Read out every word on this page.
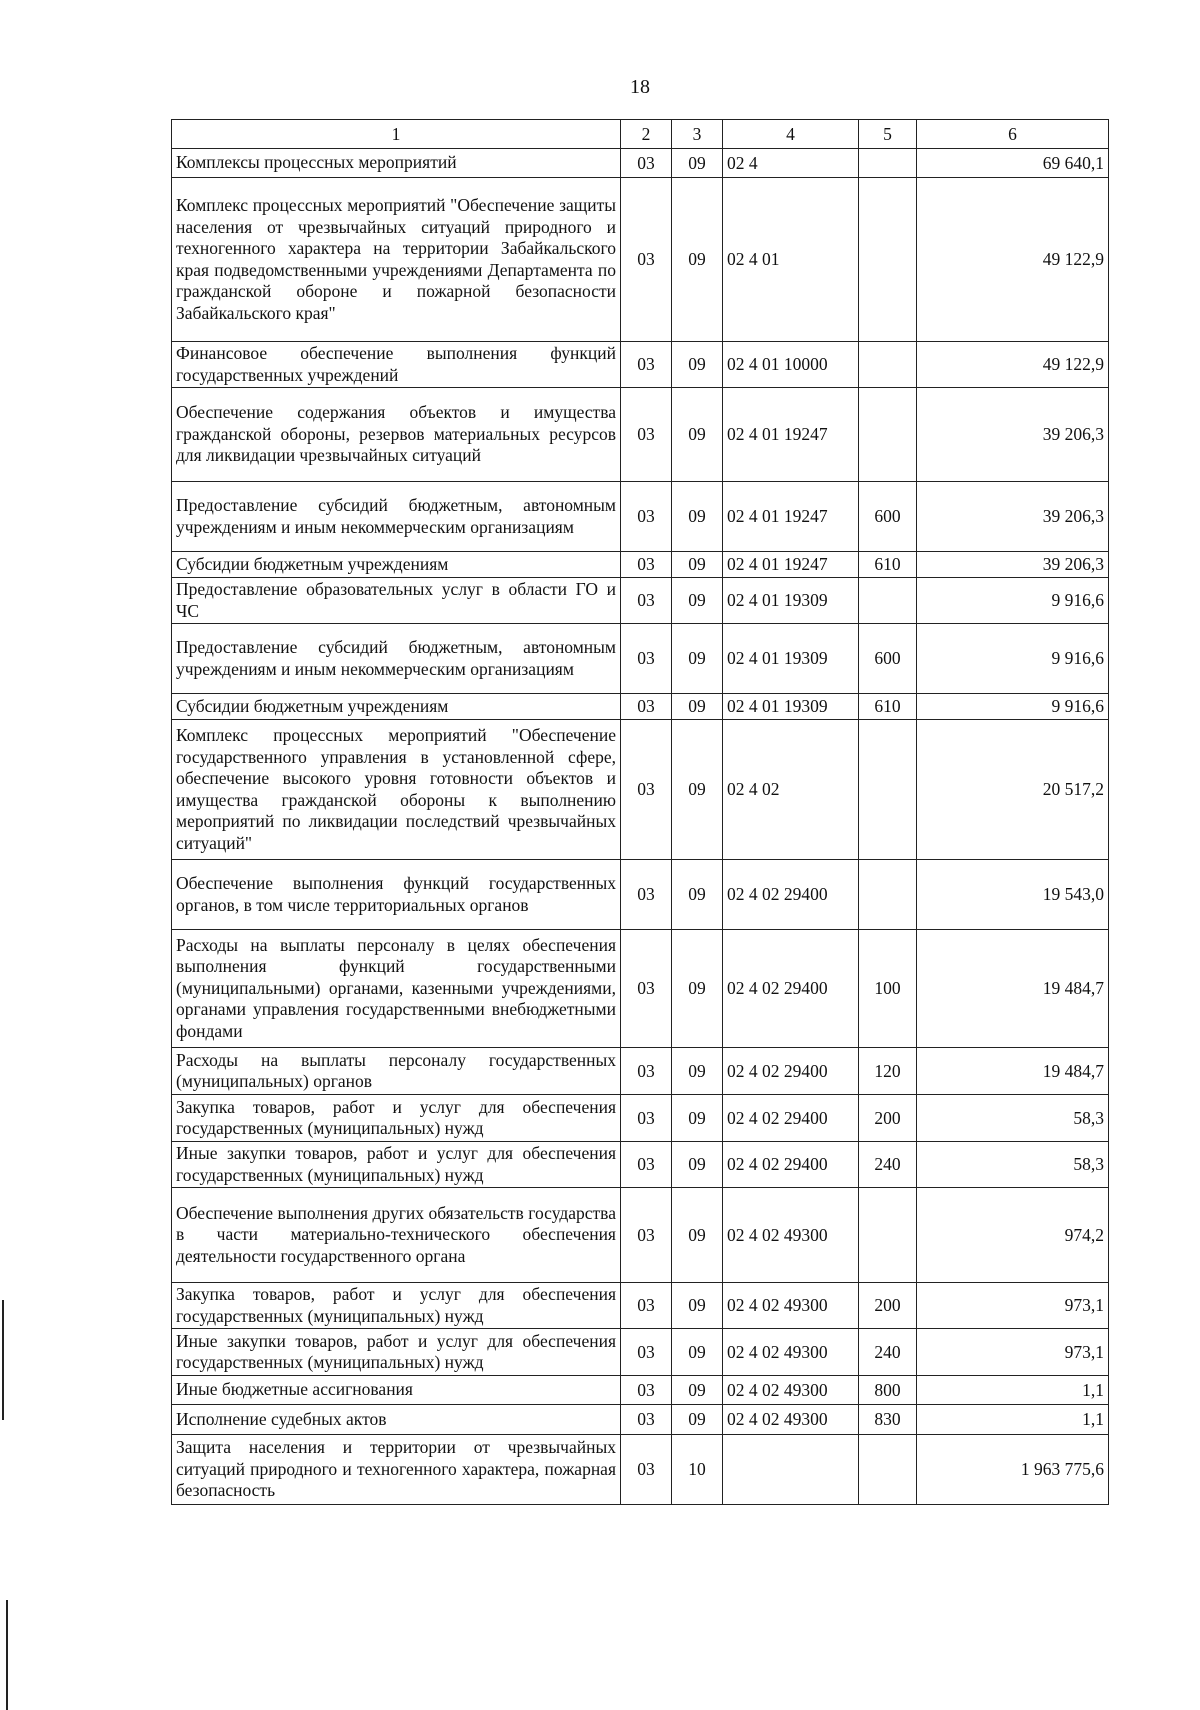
18
1	2	3	4	5	6
Комплексы процессных мероприятий	03	09	02 4		69 640,1
Комплекс процессных мероприятий "Обеспечение защиты населения от чрезвычайных ситуаций природного и техногенного характера на территории Забайкальского края подведомственными учреждениями Департамента по гражданской обороне и пожарной безопасности Забайкальского края"	03	09	02 4 01		49 122,9
Финансовое обеспечение выполнения функций государственных учреждений	03	09	02 4 01 10000		49 122,9
Обеспечение содержания объектов и имущества гражданской обороны, резервов материальных ресурсов для ликвидации чрезвычайных ситуаций	03	09	02 4 01 19247		39 206,3
Предоставление субсидий бюджетным, автономным учреждениям и иным некоммерческим организациям	03	09	02 4 01 19247	600	39 206,3
Субсидии бюджетным учреждениям	03	09	02 4 01 19247	610	39 206,3
Предоставление образовательных услуг в области ГО и ЧС	03	09	02 4 01 19309		9 916,6
Предоставление субсидий бюджетным, автономным учреждениям и иным некоммерческим организациям	03	09	02 4 01 19309	600	9 916,6
Субсидии бюджетным учреждениям	03	09	02 4 01 19309	610	9 916,6
Комплекс процессных мероприятий "Обеспечение государственного управления в установленной сфере, обеспечение высокого уровня готовности объектов и имущества гражданской обороны к выполнению мероприятий по ликвидации последствий чрезвычайных ситуаций"	03	09	02 4 02		20 517,2
Обеспечение выполнения функций государственных органов, в том числе территориальных органов	03	09	02 4 02 29400		19 543,0
Расходы на выплаты персоналу в целях обеспечения выполнения функций государственными (муниципальными) органами, казенными учреждениями, органами управления государственными внебюджетными фондами	03	09	02 4 02 29400	100	19 484,7
Расходы на выплаты персоналу государственных (муниципальных) органов	03	09	02 4 02 29400	120	19 484,7
Закупка товаров, работ и услуг для обеспечения государственных (муниципальных) нужд	03	09	02 4 02 29400	200	58,3
Иные закупки товаров, работ и услуг для обеспечения государственных (муниципальных) нужд	03	09	02 4 02 29400	240	58,3
Обеспечение выполнения других обязательств государства в части материально-технического обеспечения деятельности государственного органа	03	09	02 4 02 49300		974,2
Закупка товаров, работ и услуг для обеспечения государственных (муниципальных) нужд	03	09	02 4 02 49300	200	973,1
Иные закупки товаров, работ и услуг для обеспечения государственных (муниципальных) нужд	03	09	02 4 02 49300	240	973,1
Иные бюджетные ассигнования	03	09	02 4 02 49300	800	1,1
Исполнение судебных актов	03	09	02 4 02 49300	830	1,1
Защита населения и территории от чрезвычайных ситуаций природного и техногенного характера, пожарная безопасность	03	10			1 963 775,6
